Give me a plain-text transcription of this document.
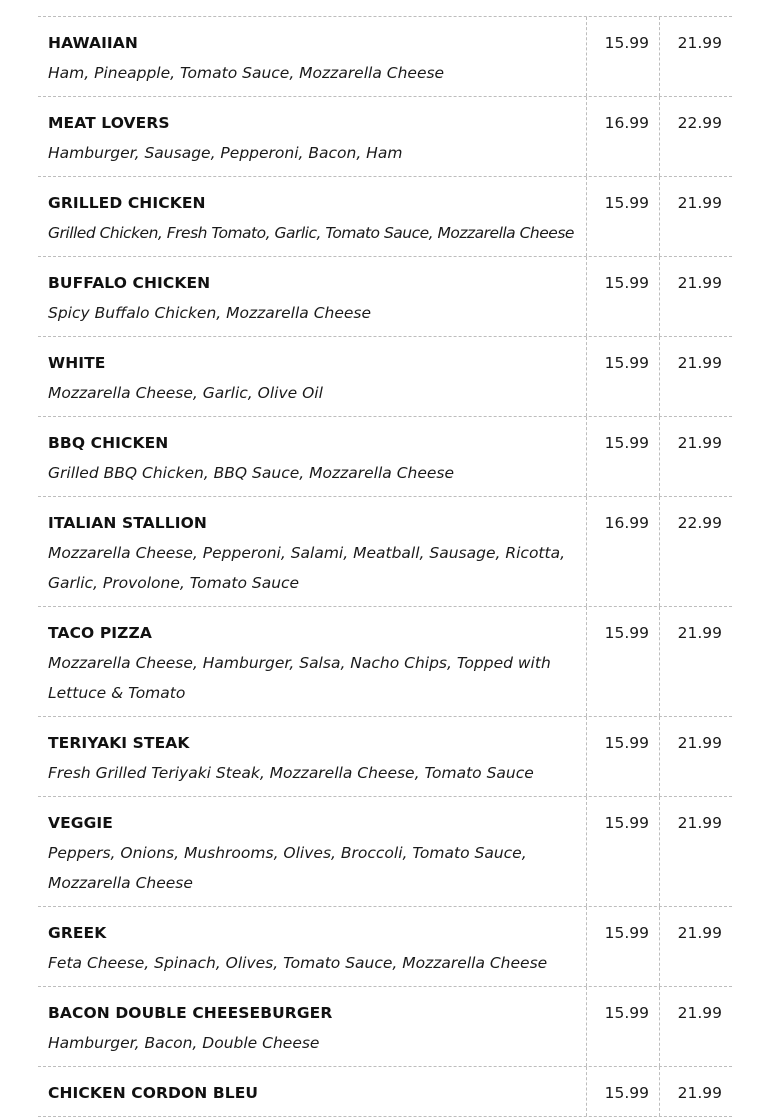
HAWAIIAN
Ham, Pineapple, Tomato Sauce, Mozzarella Cheese
15.99	21.99
MEAT LOVERS
Hamburger, Sausage, Pepperoni, Bacon, Ham
16.99	22.99
GRILLED CHICKEN
Grilled Chicken, Fresh Tomato, Garlic, Tomato Sauce, Mozzarella Cheese
15.99	21.99
BUFFALO CHICKEN
Spicy Buffalo Chicken, Mozzarella Cheese
15.99	21.99
WHITE
Mozzarella Cheese, Garlic, Olive Oil
15.99	21.99
BBQ CHICKEN
Grilled BBQ Chicken, BBQ Sauce, Mozzarella Cheese
15.99	21.99
ITALIAN STALLION
Mozzarella Cheese, Pepperoni, Salami, Meatball, Sausage, Ricotta, Garlic, Provolone, Tomato Sauce
16.99	22.99
TACO PIZZA
Mozzarella Cheese, Hamburger, Salsa, Nacho Chips, Topped with Lettuce & Tomato
15.99	21.99
TERIYAKI STEAK
Fresh Grilled Teriyaki Steak, Mozzarella Cheese, Tomato Sauce
15.99	21.99
VEGGIE
Peppers, Onions, Mushrooms, Olives, Broccoli, Tomato Sauce, Mozzarella Cheese
15.99	21.99
GREEK
Feta Cheese, Spinach, Olives, Tomato Sauce, Mozzarella Cheese
15.99	21.99
BACON DOUBLE CHEESEBURGER
Hamburger, Bacon, Double Cheese
15.99	21.99
CHICKEN CORDON BLEU	15.99	21.99
